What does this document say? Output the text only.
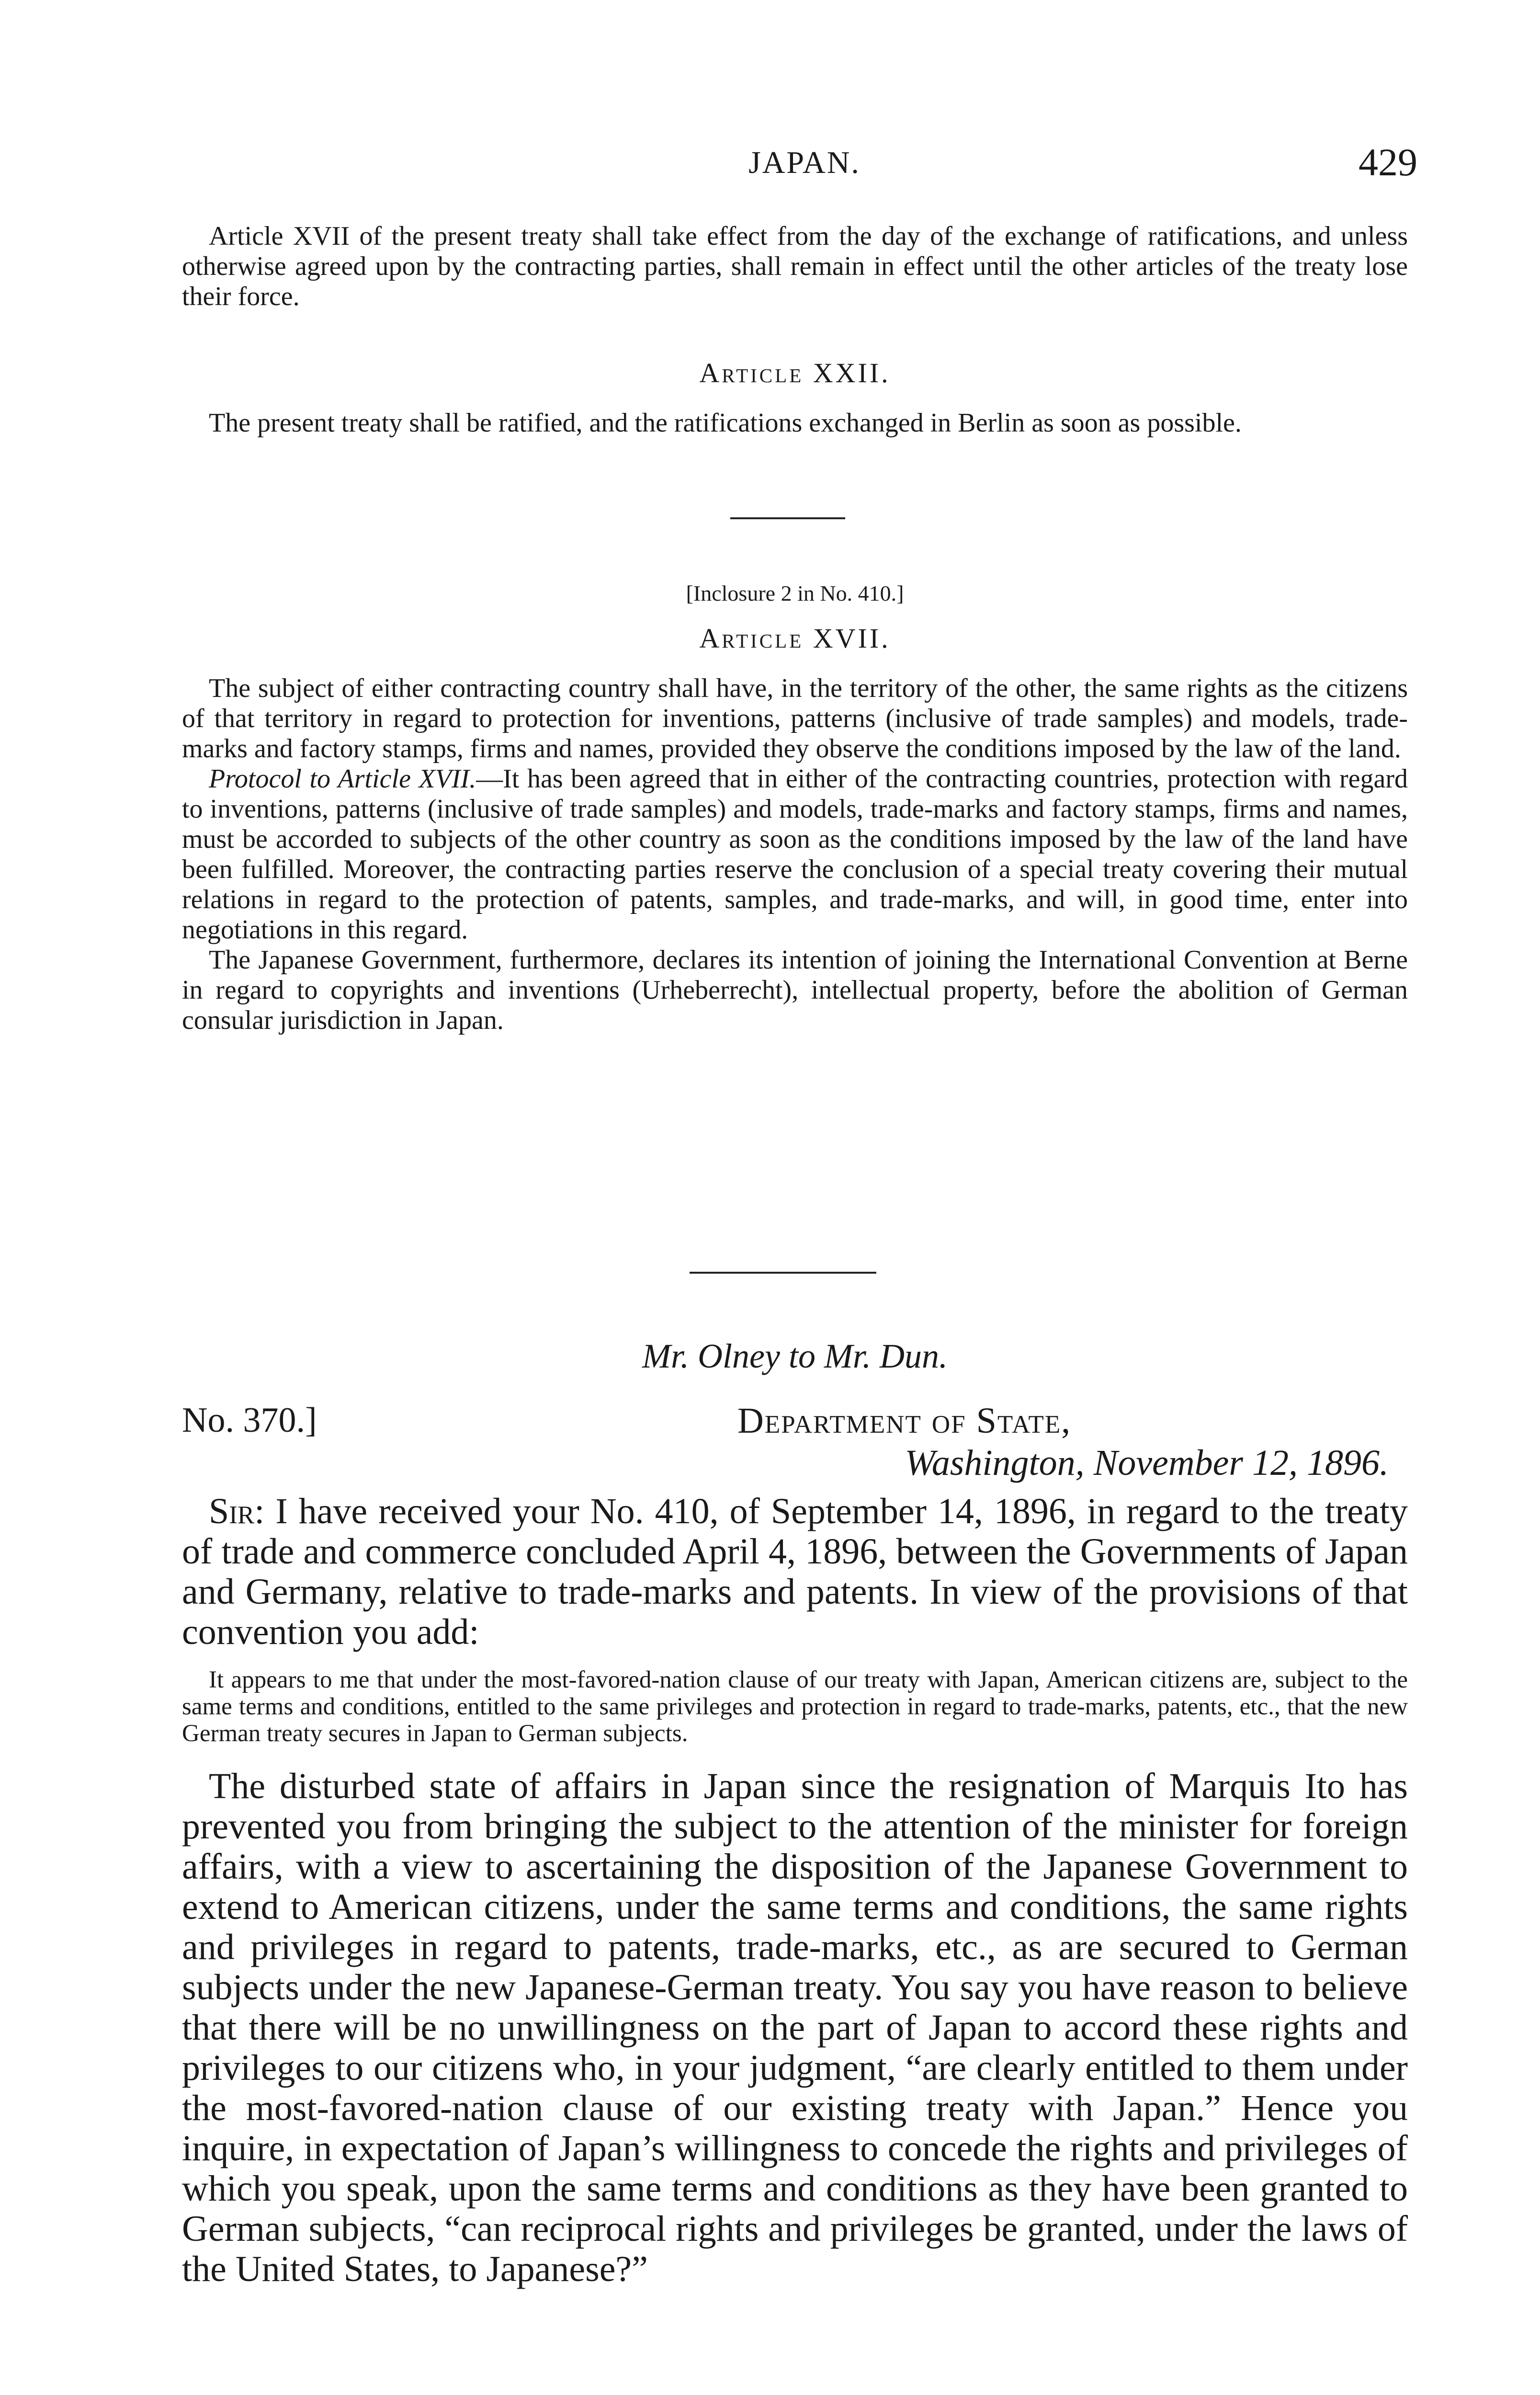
JAPAN.	429

Article XVII of the present treaty shall take effect from the day of the exchange of ratifications, and unless otherwise agreed upon by the contracting parties, shall remain in effect until the other articles of the treaty lose their force.

Article XXII.

The present treaty shall be ratified, and the ratifications exchanged in Berlin as soon as possible.

[Inclosure 2 in No. 410.]

Article XVII.

The subject of either contracting country shall have, in the territory of the other, the same rights as the citizens of that territory in regard to protection for inventions, patterns (inclusive of trade samples) and models, trade-marks and factory stamps, firms and names, provided they observe the conditions imposed by the law of the land.

Protocol to Article XVII.—It has been agreed that in either of the contracting countries, protection with regard to inventions, patterns (inclusive of trade samples) and models, trade-marks and factory stamps, firms and names, must be accorded to subjects of the other country as soon as the conditions imposed by the law of the land have been fulfilled. Moreover, the contracting parties reserve the conclusion of a special treaty covering their mutual relations in regard to the protection of patents, samples, and trade-marks, and will, in good time, enter into negotiations in this regard.

The Japanese Government, furthermore, declares its intention of joining the International Convention at Berne in regard to copyrights and inventions (Urheberrecht), intellectual property, before the abolition of German consular jurisdiction in Japan.

Mr. Olney to Mr. Dun.

No. 370.]	Department of State,
Washington, November 12, 1896.

Sir: I have received your No. 410, of September 14, 1896, in regard to the treaty of trade and commerce concluded April 4, 1896, between the Governments of Japan and Germany, relative to trade-marks and patents. In view of the provisions of that convention you add:

It appears to me that under the most-favored-nation clause of our treaty with Japan, American citizens are, subject to the same terms and conditions, entitled to the same privileges and protection in regard to trade-marks, patents, etc., that the new German treaty secures in Japan to German subjects.

The disturbed state of affairs in Japan since the resignation of Marquis Ito has prevented you from bringing the subject to the attention of the minister for foreign affairs, with a view to ascertaining the disposition of the Japanese Government to extend to American citizens, under the same terms and conditions, the same rights and privileges in regard to patents, trade-marks, etc., as are secured to German subjects under the new Japanese-German treaty. You say you have reason to believe that there will be no unwillingness on the part of Japan to accord these rights and privileges to our citizens who, in your judgment, “are clearly entitled to them under the most-favored-nation clause of our existing treaty with Japan.” Hence you inquire, in expectation of Japan’s willingness to concede the rights and privileges of which you speak, upon the same terms and conditions as they have been granted to German subjects, “can reciprocal rights and privileges be granted, under the laws of the United States, to Japanese?”
